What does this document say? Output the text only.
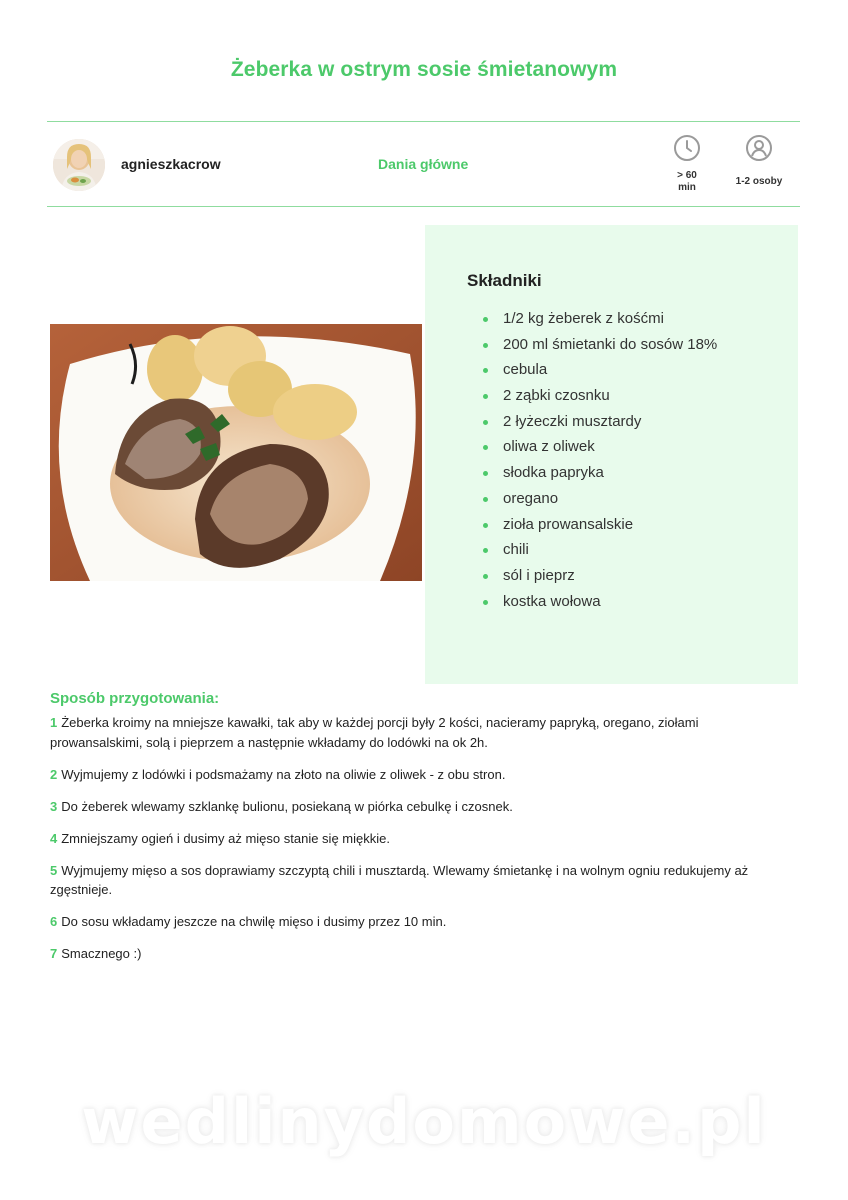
Żeberka w ostrym sosie śmietanowym
agnieszkacrow	Dania główne
> 60
min
1-2 osoby
Składniki
1/2 kg żeberek z kośćmi
200 ml śmietanki do sosów 18%
cebula
2 ząbki czosnku
2 łyżeczki musztardy
oliwa z oliwek
słodka papryka
oregano
zioła prowansalskie
chili
sól i pieprz
kostka wołowa
Sposób przygotowania:

1 Żeberka kroimy na mniejsze kawałki, tak aby w każdej porcji były 2 kości, nacieramy papryką, oregano, ziołami prowansalskimi, solą i pieprzem a następnie wkładamy do lodówki na ok 2h.

2 Wyjmujemy z lodówki i podsmażamy na złoto na oliwie z oliwek - z obu stron.

3 Do żeberek wlewamy szklankę bulionu, posiekaną w piórka cebulkę i czosnek.

4 Zmniejszamy ogień i dusimy aż mięso stanie się miękkie.

5 Wyjmujemy mięso a sos doprawiamy szczyptą chili i musztardą. Wlewamy śmietankę i na wolnym ogniu redukujemy aż zgęstnieje.

6 Do sosu wkładamy jeszcze na chwilę mięso i dusimy przez 10 min.

7 Smacznego :)

wedlinydomowe.pl
